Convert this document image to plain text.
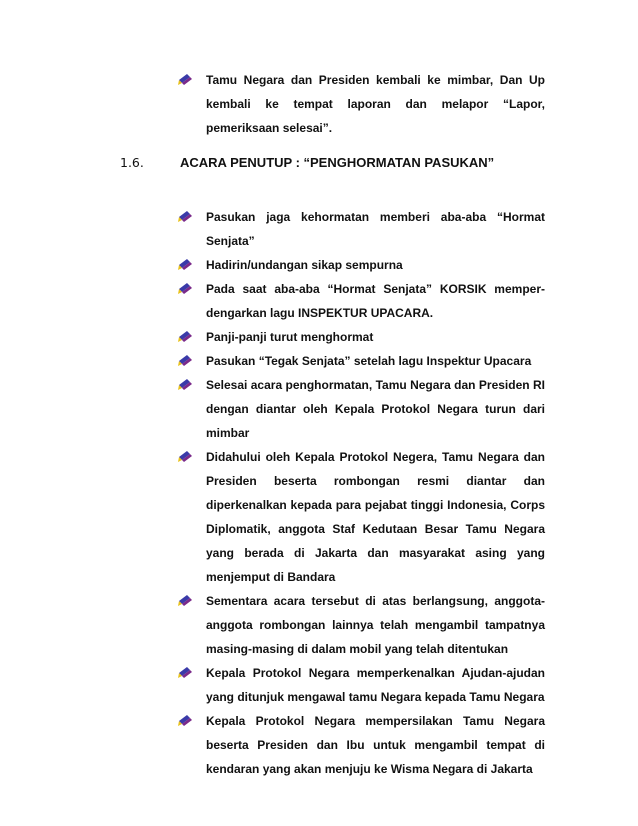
Tamu Negara dan Presiden kembali ke mimbar, Dan Up kembali ke tempat laporan dan melapor “Lapor, pemeriksaan selesai”.
1.6.	ACARA PENUTUP : “PENGHORMATAN PASUKAN”
Pasukan jaga kehormatan memberi aba-aba “Hormat Senjata”
Hadirin/undangan sikap sempurna
Pada saat aba-aba “Hormat Senjata” KORSIK memper-dengarkan lagu INSPEKTUR UPACARA.
Panji-panji turut menghormat
Pasukan “Tegak Senjata” setelah lagu Inspektur Upacara
Selesai acara penghormatan, Tamu Negara dan Presiden RI dengan diantar oleh Kepala Protokol Negara turun dari mimbar
Didahului oleh Kepala Protokol Negera, Tamu Negara dan Presiden beserta rombongan resmi diantar dan diperkenalkan kepada para pejabat tinggi Indonesia, Corps Diplomatik, anggota Staf Kedutaan Besar Tamu Negara yang berada di Jakarta dan masyarakat asing yang menjemput di Bandara
Sementara acara tersebut di atas berlangsung, anggota-anggota rombongan lainnya telah mengambil tampatnya masing-masing di dalam mobil yang telah ditentukan
Kepala Protokol Negara memperkenalkan Ajudan-ajudan yang ditunjuk mengawal tamu Negara kepada Tamu Negara
Kepala Protokol Negara mempersilakan Tamu Negara beserta Presiden dan Ibu untuk mengambil tempat di kendaran yang akan menjuju ke Wisma Negara di Jakarta
